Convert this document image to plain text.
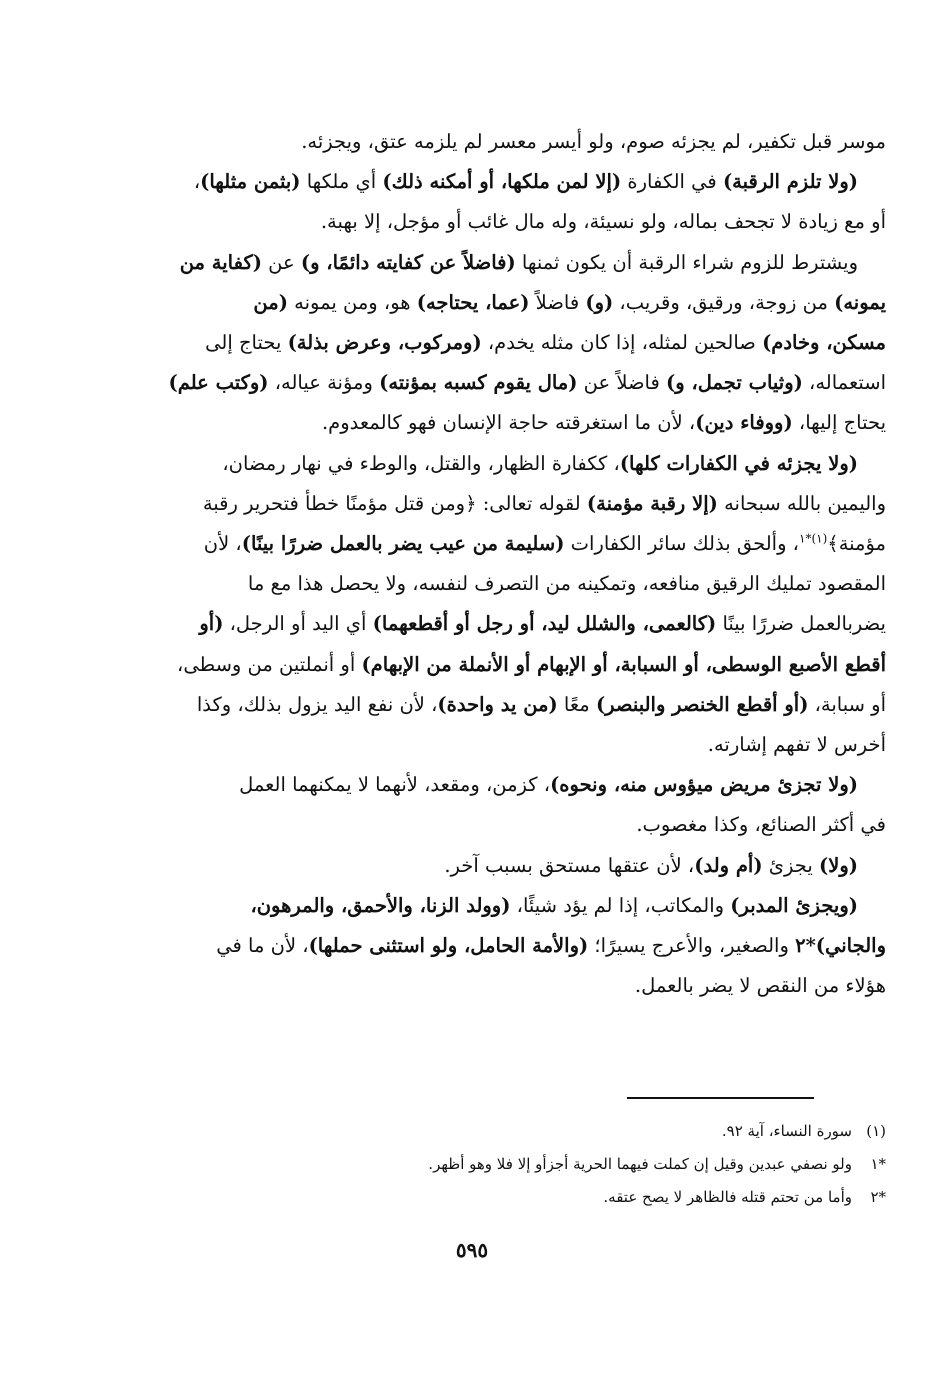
موسر قبل تكفير، لم يجزئه صوم، ولو أيسر معسر لم يلزمه عتق، ويجزئه.
(ولا تلزم الرقبة) في الكفارة (إلا لمن ملكها، أو أمكنه ذلك) أي ملكها (بثمن مثلها)،
أو مع زيادة لا تجحف بماله، ولو نسيئة، وله مال غائب أو مؤجل، إلا بهبة.
ويشترط للزوم شراء الرقبة أن يكون ثمنها (فاضلاً عن كفايته دائمًا، و) عن (كفاية من
يمونه) من زوجة، ورقيق، وقريب، (و) فاضلاً (عما، يحتاجه) هو، ومن يمونه (من
مسكن، وخادم) صالحين لمثله، إذا كان مثله يخدم، (ومركوب، وعرض بذلة) يحتاج إلى
استعماله، (وثياب تجمل، و) فاضلاً عن (مال يقوم كسبه بمؤنته) ومؤنة عياله، (وكتب علم)
يحتاج إليها، (ووفاء دين)، لأن ما استغرقته حاجة الإنسان فهو كالمعدوم.
(ولا يجزئه في الكفارات كلها)، ككفارة الظهار، والقتل، والوطء في نهار رمضان،
واليمين بالله سبحانه (إلا رقبة مؤمنة) لقوله تعالى: ﴿ومن قتل مؤمنًا خطأ فتحرير رقبة
مؤمنة﴾$^{(١)*١}$، وألحق بذلك سائر الكفارات (سليمة من عيب يضر بالعمل ضررًا بينًا)، لأن
المقصود تمليك الرقيق منافعه، وتمكينه من التصرف لنفسه، ولا يحصل هذا مع ما
يضربالعمل ضررًا بينًا (كالعمى، والشلل ليد، أو رجل أو أقطعهما) أي اليد أو الرجل، (أو
أقطع الأصبع الوسطى، أو السبابة، أو الإبهام أو الأنملة من الإبهام) أو أنملتين من وسطى،
أو سبابة، (أو أقطع الخنصر والبنصر) معًا (من يد واحدة)، لأن نفع اليد يزول بذلك، وكذا
أخرس لا تفهم إشارته.
(ولا تجزئ مريض ميؤوس منه، ونحوه)، كزمن، ومقعد، لأنهما لا يمكنهما العمل
في أكثر الصنائع، وكذا مغصوب.
(ولا) يجزئ (أم ولد)، لأن عتقها مستحق بسبب آخر.
(ويجزئ المدبر) والمكاتب، إذا لم يؤد شيئًا، (وولد الزنا، والأحمق، والمرهون،
والجاني)*٢ والصغير، والأعرج يسيرًا؛ (والأمة الحامل، ولو استثنى حملها)، لأن ما في
هؤلاء من النقص لا يضر بالعمل.
(١)
سورة النساء، آية ٩٢.
*١
ولو نصفي عبدين وقيل إن كملت فيهما الحرية أجزأو إلا فلا وهو أظهر.
*٢
وأما من تحتم قتله فالظاهر لا يصح عتقه.
٥٩٥
